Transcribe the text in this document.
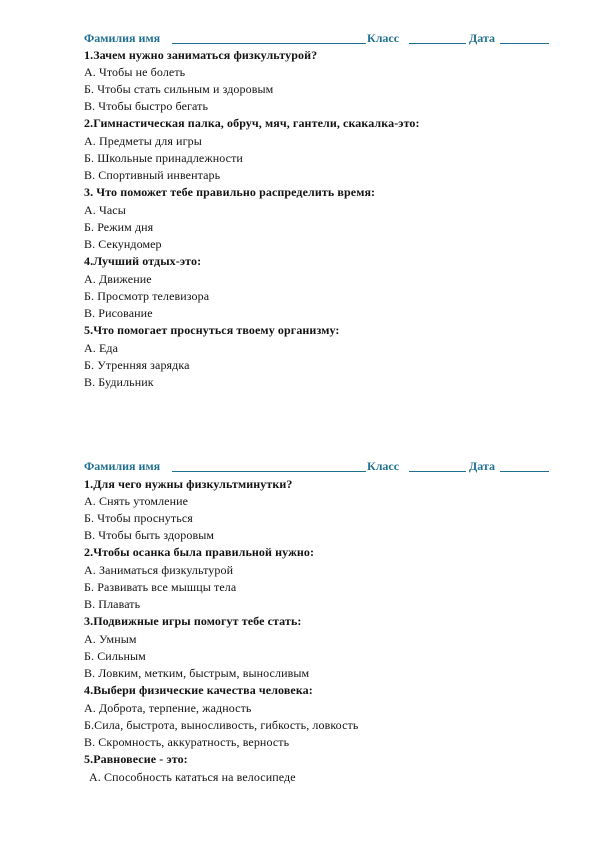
Фамилия имя	Класс	Дата
1.Зачем нужно заниматься физкультурой?
А. Чтобы не болеть
Б. Чтобы стать сильным и здоровым
В. Чтобы быстро бегать
2.Гимнастическая палка, обруч, мяч, гантели, скакалка-это:
А. Предметы для игры
Б. Школьные принадлежности
В. Спортивный инвентарь
3. Что поможет тебе правильно распределить время:
А. Часы
Б. Режим дня
В. Секундомер
4.Лучший отдых-это:
А. Движение
Б. Просмотр телевизора
В. Рисование
5.Что помогает проснуться твоему организму:
А. Еда
Б. Утренняя зарядка
В. Будильник
Фамилия имя	Класс	Дата
1.Для чего нужны физкультминутки?
А. Снять утомление
Б. Чтобы проснуться
В. Чтобы быть здоровым
2.Чтобы осанка была правильной нужно:
А. Заниматься физкультурой
Б. Развивать все мышцы тела
В. Плавать
3.Подвижные игры помогут тебе стать:
А. Умным
Б. Сильным
В. Ловким, метким, быстрым, выносливым
4.Выбери физические качества человека:
А. Доброта, терпение, жадность
Б.Сила, быстрота, выносливость, гибкость, ловкость
В. Скромность, аккуратность, верность
5.Равновесие - это:
А. Способность кататься на велосипеде
